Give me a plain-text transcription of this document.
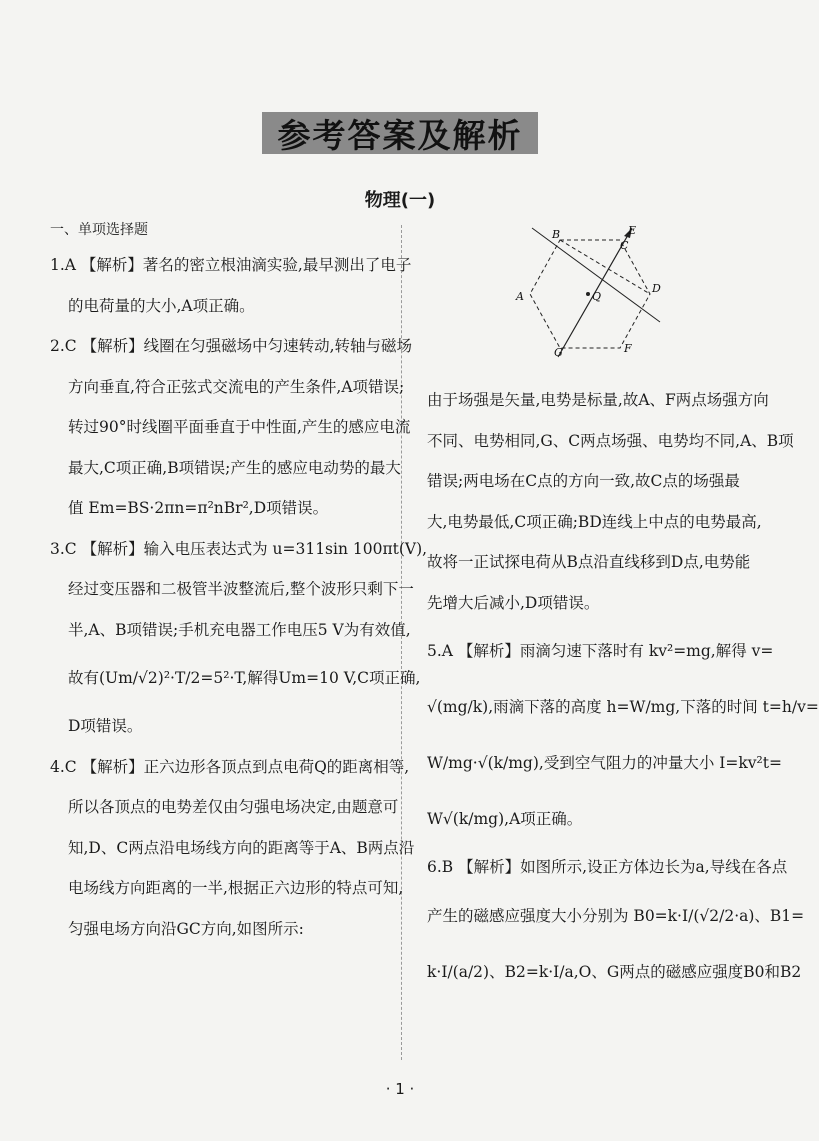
参考答案及解析
物理(一)
一、单项选择题
1.A 【解析】著名的密立根油滴实验,最早测出了电子
的电荷量的大小,A项正确。
2.C 【解析】线圈在匀强磁场中匀速转动,转轴与磁场
方向垂直,符合正弦式交流电的产生条件,A项错误;
转过90°时线圈平面垂直于中性面,产生的感应电流
最大,C项正确,B项错误;产生的感应电动势的最大
值 Em=BS·2πn=π²nBr²,D项错误。
3.C 【解析】输入电压表达式为 u=311sin 100πt(V),
经过变压器和二极管半波整流后,整个波形只剩下一
半,A、B项错误;手机充电器工作电压5 V为有效值,
故有(Um/√2)²·T/2=5²·T,解得Um=10 V,C项正确,
D项错误。
4.C 【解析】正六边形各顶点到点电荷Q的距离相等,
所以各顶点的电势差仅由匀强电场决定,由题意可
知,D、C两点沿电场线方向的距离等于A、B两点沿
电场线方向距离的一半,根据正六边形的特点可知,
匀强电场方向沿GC方向,如图所示:
B
C
E
A	Q
D
G	F
由于场强是矢量,电势是标量,故A、F两点场强方向
不同、电势相同,G、C两点场强、电势均不同,A、B项
错误;两电场在C点的方向一致,故C点的场强最
大,电势最低,C项正确;BD连线上中点的电势最高,
故将一正试探电荷从B点沿直线移到D点,电势能
先增大后减小,D项错误。
5.A 【解析】雨滴匀速下落时有 kv²=mg,解得 v=
√(mg/k),雨滴下落的高度 h=W/mg,下落的时间 t=h/v=
W/mg·√(k/mg),受到空气阻力的冲量大小 I=kv²t=
W√(k/mg),A项正确。
6.B 【解析】如图所示,设正方体边长为a,导线在各点
产生的磁感应强度大小分别为 B0=k·I/(√2/2·a)、B1=
k·I/(a/2)、B2=k·I/a,O、G两点的磁感应强度B0和B2
· 1 ·
